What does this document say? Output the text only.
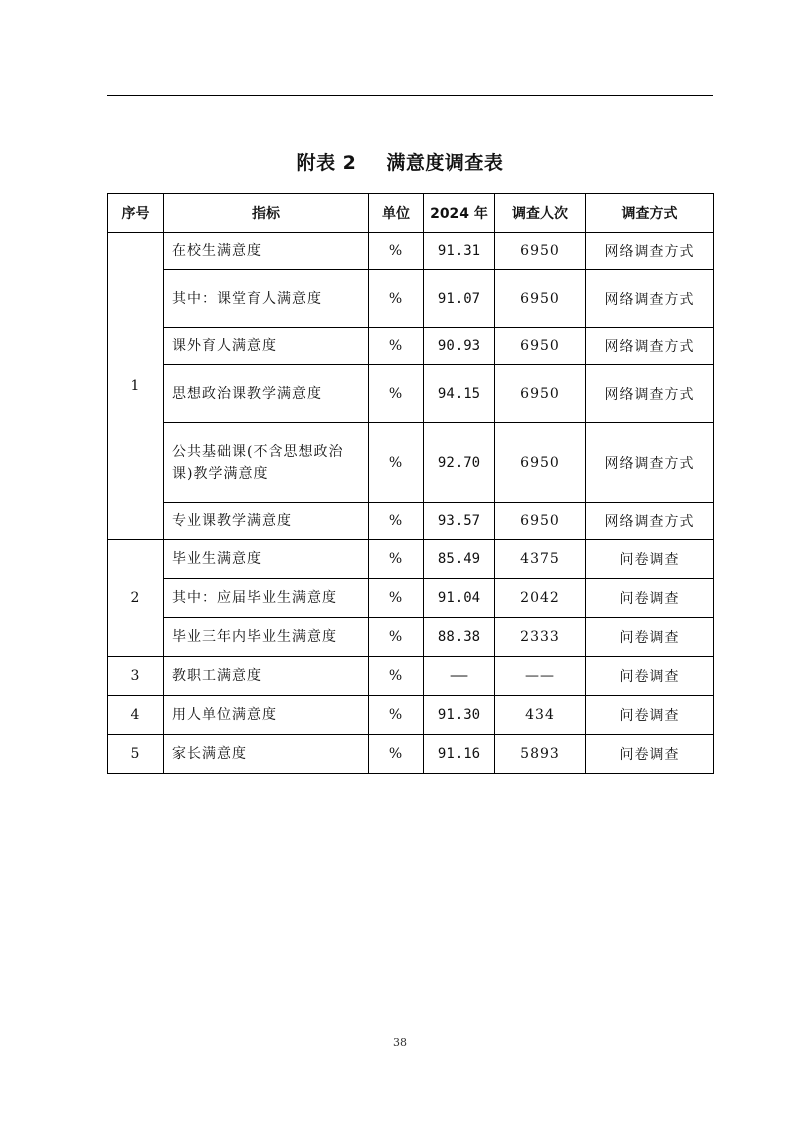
附表 2 满意度调查表
序号	指标	单位	2024 年	调查人次	调查方式
1	在校生满意度	%	91.31	6950	网络调查方式
	其中：课堂育人满意度	%	91.07	6950	网络调查方式
	课外育人满意度	%	90.93	6950	网络调查方式
	思想政治课教学满意度	%	94.15	6950	网络调查方式
	公共基础课(不含思想政治课)教学满意度	%	92.70	6950	网络调查方式
	专业课教学满意度	%	93.57	6950	网络调查方式
2	毕业生满意度	%	85.49	4375	问卷调查
	其中：应届毕业生满意度	%	91.04	2042	问卷调查
	毕业三年内毕业生满意度	%	88.38	2333	问卷调查
3	教职工满意度	%	——	——	问卷调查
4	用人单位满意度	%	91.30	434	问卷调查
5	家长满意度	%	91.16	5893	问卷调查
38
